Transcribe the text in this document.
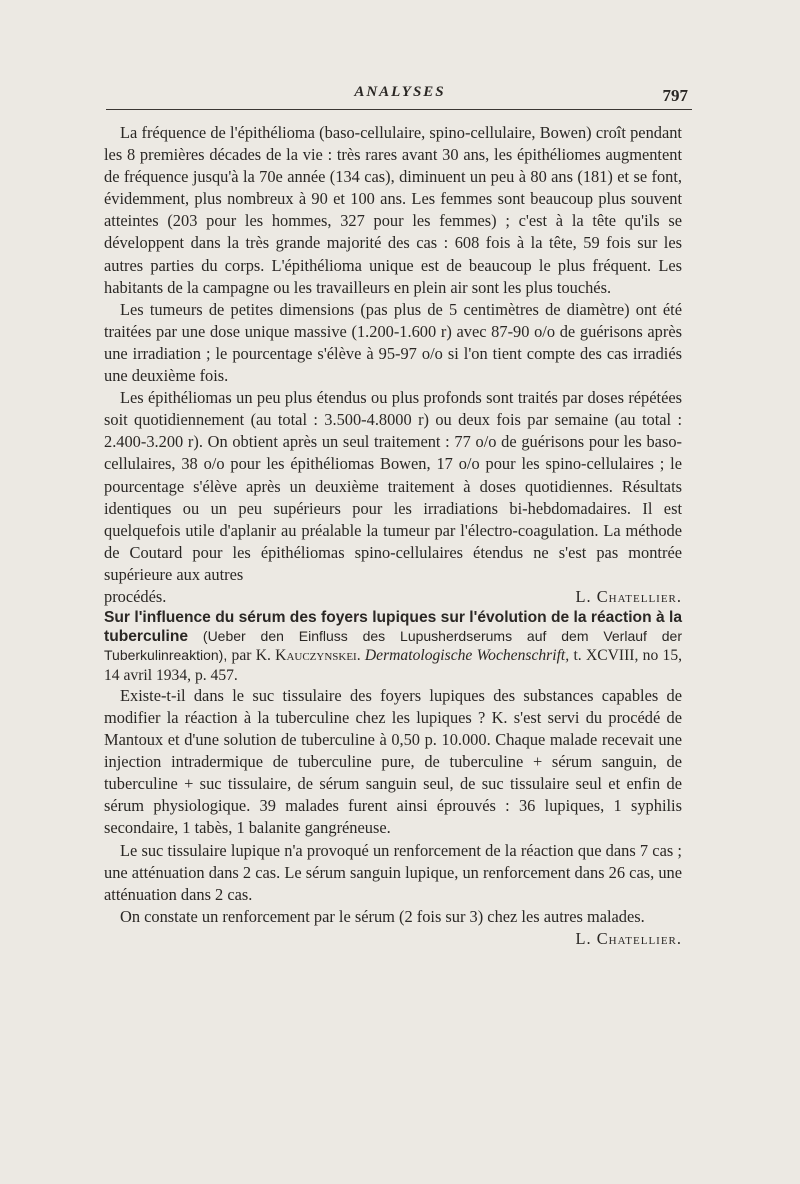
ANALYSES	797

La fréquence de l'épithélioma (baso-cellulaire, spino-cellulaire, Bowen) croît pendant les 8 premières décades de la vie : très rares avant 30 ans, les épithéliomes augmentent de fréquence jusqu'à la 70e année (134 cas), diminuent un peu à 80 ans (181) et se font, évidemment, plus nombreux à 90 et 100 ans. Les femmes sont beaucoup plus souvent atteintes (203 pour les hommes, 327 pour les femmes) ; c'est à la tête qu'ils se développent dans la très grande majorité des cas : 608 fois à la tête, 59 fois sur les autres parties du corps. L'épithélioma unique est de beaucoup le plus fréquent. Les habitants de la campagne ou les travailleurs en plein air sont les plus touchés.

Les tumeurs de petites dimensions (pas plus de 5 centimètres de diamètre) ont été traitées par une dose unique massive (1.200-1.600 r) avec 87-90 o/o de guérisons après une irradiation ; le pourcentage s'élève à 95-97 o/o si l'on tient compte des cas irradiés une deuxième fois.

Les épithéliomas un peu plus étendus ou plus profonds sont traités par doses répétées soit quotidiennement (au total : 3.500-4.8000 r) ou deux fois par semaine (au total : 2.400-3.200 r). On obtient après un seul traitement : 77 o/o de guérisons pour les baso-cellulaires, 38 o/o pour les épithéliomas Bowen, 17 o/o pour les spino-cellulaires ; le pourcentage s'élève après un deuxième traitement à doses quotidiennes. Résultats identiques ou un peu supérieurs pour les irradiations bi-hebdomadaires. Il est quelquefois utile d'aplanir au préalable la tumeur par l'électro-coagulation. La méthode de Coutard pour les épithéliomas spino-cellulaires étendus ne s'est pas montrée supérieure aux autres

procédés.	L. Chatellier.

Sur l'influence du sérum des foyers lupiques sur l'évolution de la réaction à la tuberculine (Ueber den Einfluss des Lupusherdserums auf dem Verlauf der Tuberkulinreaktion), par K. Kauczynskei. Dermatologische Wochenschrift, t. XCVIII, no 15, 14 avril 1934, p. 457.

Existe-t-il dans le suc tissulaire des foyers lupiques des substances capables de modifier la réaction à la tuberculine chez les lupiques ? K. s'est servi du procédé de Mantoux et d'une solution de tuberculine à 0,50 p. 10.000. Chaque malade recevait une injection intradermique de tuberculine pure, de tuberculine + sérum sanguin, de tuberculine + suc tissulaire, de sérum sanguin seul, de suc tissulaire seul et enfin de sérum physiologique. 39 malades furent ainsi éprouvés : 36 lupiques, 1 syphilis secondaire, 1 tabès, 1 balanite gangréneuse.

Le suc tissulaire lupique n'a provoqué un renforcement de la réaction que dans 7 cas ; une atténuation dans 2 cas. Le sérum sanguin lupique, un renforcement dans 26 cas, une atténuation dans 2 cas.

On constate un renforcement par le sérum (2 fois sur 3) chez les autres malades.
L. Chatellier.
